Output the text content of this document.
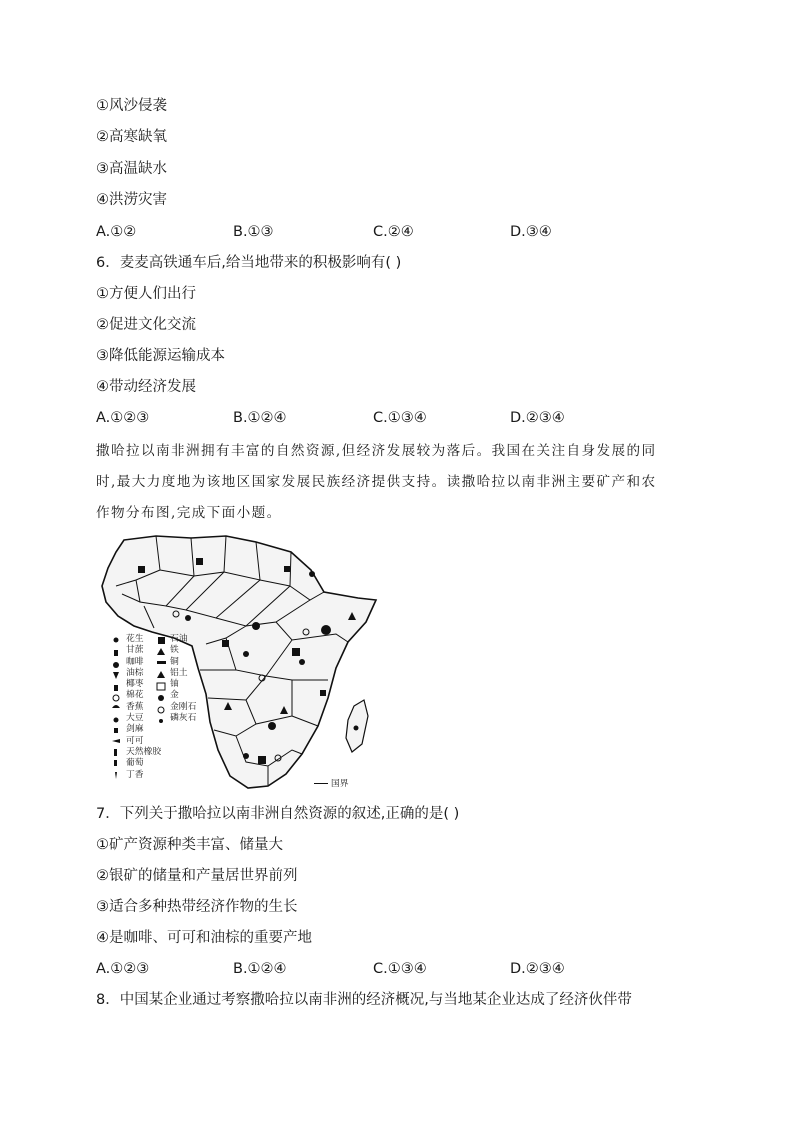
①风沙侵袭
②高寒缺氧
③高温缺水
④洪涝灾害
A.①②	B.①③	C.②④	D.③④
6．麦麦高铁通车后,给当地带来的积极影响有( )
①方便人们出行
②促进文化交流
③降低能源运输成本
④带动经济发展
A.①②③	B.①②④	C.①③④	D.②③④
撒哈拉以南非洲拥有丰富的自然资源,但经济发展较为落后。我国在关注自身发展的同
时,最大力度地为该地区国家发展民族经济提供支持。读撒哈拉以南非洲主要矿产和农
作物分布图,完成下面小题。
花生
甘蔗
咖啡
油棕
椰枣
棉花
香蕉
大豆
剑麻
可可
天然橡胶
葡萄
丁香
石油
铁
铜
铝土
铀
金
金刚石
磷灰石
国界
7．下列关于撒哈拉以南非洲自然资源的叙述,正确的是( )
①矿产资源种类丰富、储量大
②银矿的储量和产量居世界前列
③适合多种热带经济作物的生长
④是咖啡、可可和油棕的重要产地
A.①②③	B.①②④	C.①③④	D.②③④
8．中国某企业通过考察撒哈拉以南非洲的经济概况,与当地某企业达成了经济伙伴带
